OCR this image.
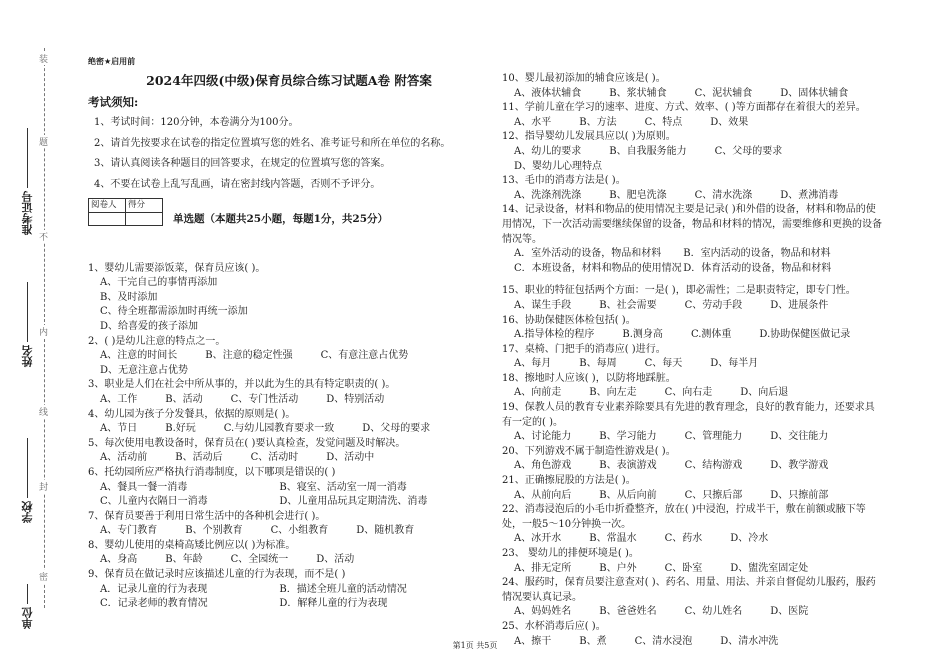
装
题
不
内
线
封
密
准考证号
姓名
学校
单位
绝密★启用前
2024年四级(中级)保育员综合练习试题A卷 附答案
考试须知:
1、考试时间：120分钟，本卷满分为100分。
2、请首先按要求在试卷的指定位置填写您的姓名、准考证号和所在单位的名称。
3、请认真阅读各种题目的回答要求，在规定的位置填写您的答案。
4、不要在试卷上乱写乱画，请在密封线内答题，否则不予评分。
阅卷人	得分

单选题（本题共25小题，每题1分，共25分）
1、婴幼儿需要添饭菜，保育员应该( )。
A、干完自己的事情再添加
B、及时添加
C、待全班都需添加时再统一添加
D、给喜爱的孩子添加
2、( )是幼儿注意的特点之一。
A、注意的时间长	B、注意的稳定性强	C、有意注意占优势
D、无意注意占优势
3、职业是人们在社会中所从事的，并以此为生的具有特定职责的( )。
A、工作	B、活动	C、专门性活动	D、特别活动
4、幼儿园为孩子分发餐具，依据的原则是( )。
A、节日	B.好玩	C.与幼儿园教育要求一致	D、父母的要求
5、每次使用电教设备时，保育员在( )要认真检查，发觉问题及时解决。
A、活动前	B、活动后	C、活动时	D、活动中
6、托幼园所应严格执行消毒制度，以下哪项是错误的( )
A、餐具一餐一消毒	B、寝室、活动室一周一消毒
C、儿童内衣隔日一消毒	D、儿童用品玩具定期清洗、消毒
7、保育员要善于利用日常生活中的各种机会进行( )。
A、专门教育	B、个别教育	C、小组教育	D、随机教育
8、婴幼儿使用的桌椅高矮比例应以( )为标准。
A、身高	B、年龄	C、全园统一	D、活动
9、保育员在做记录时应该描述儿童的行为表现，而不是( )
A．记录儿童的行为表现	B．描述全班儿童的活动情况
C．记录老师的教育情况	D．解释儿童的行为表现
10、婴儿最初添加的辅食应该是( )。
A、液体状辅食	B、浆状辅食	C、泥状辅食	D、固体状辅食
11、学前儿童在学习的速率、进度、方式、效率、( )等方面都存在着很大的差异。
A、水平	B、方法	C、特点	D、效果
12、指导婴幼儿发展具应以( )为原则。
A、幼儿的要求	B、自我服务能力	C、父母的要求
D、婴幼儿心理特点
13、毛巾的消毒方法是( )。
A、洗涤剂洗涤	B、肥皂洗涤	C、清水洗涤	D、煮沸消毒
14、记录设备，材料和物品的使用情况主要是记录( )和外借的设备，材料和物品的使用情况，下一次活动需要继续保留的设备，物品和材料的情况，需要维修和更换的设备情况等。
A．室外活动的设备，物品和材料	B．室内活动的设备，物品和材料
C．本班设备，材料和物品的使用情况 D．体育活动的设备，物品和材料
15、职业的特征包括两个方面：一是( )，即必需性；二是职责特定，即专门性。
A、谋生手段	B、社会需要	C、劳动手段	D、进展条件
16、协助保健医体检包括( )。
A.指导体检的程序	B.测身高	C.测体重	D.协助保健医做记录
17、桌椅、门把手的消毒应( )进行。
A、每月	B、每周	C、每天	D、每半月
18、擦地时人应该( )，以防将地踩脏。
A、向前走	B、向左走	C、向右走	D、向后退
19、保教人员的教育专业素养除要具有先进的教育理念，良好的教育能力，还要求具有一定的( )。
A、讨论能力	B、学习能力	C、管理能力	D、交往能力
20、下列游戏不属于制造性游戏是( )。
A、角色游戏	B、表演游戏	C、结构游戏	D、教学游戏
21、正确擦屁股的方法是( )。
A、从前向后	B、从后向前	C、只擦后部	D、只擦前部
22、消毒浸泡后的小毛巾折叠整齐，放在( )中浸泡，拧成半干，敷在前额或腋下等处，一般5～10分钟换一次。
A、冰开水	B、常温水	C、药水	D、冷水
23、 婴幼儿的排便环境是( )。
A、排无定所	B、户外	C、卧室	D、盥洗室固定处
24、服药时，保育员要注意查对( )、药名、用量、用法、并亲自督促幼儿服药，服药情况要认真记录。
A、妈妈姓名	B、爸爸姓名	C、幼儿姓名	D、医院
25、水杯消毒后应( )。
A、擦干	B、煮	C、清水浸泡	D、清水冲洗
第1页 共5页
